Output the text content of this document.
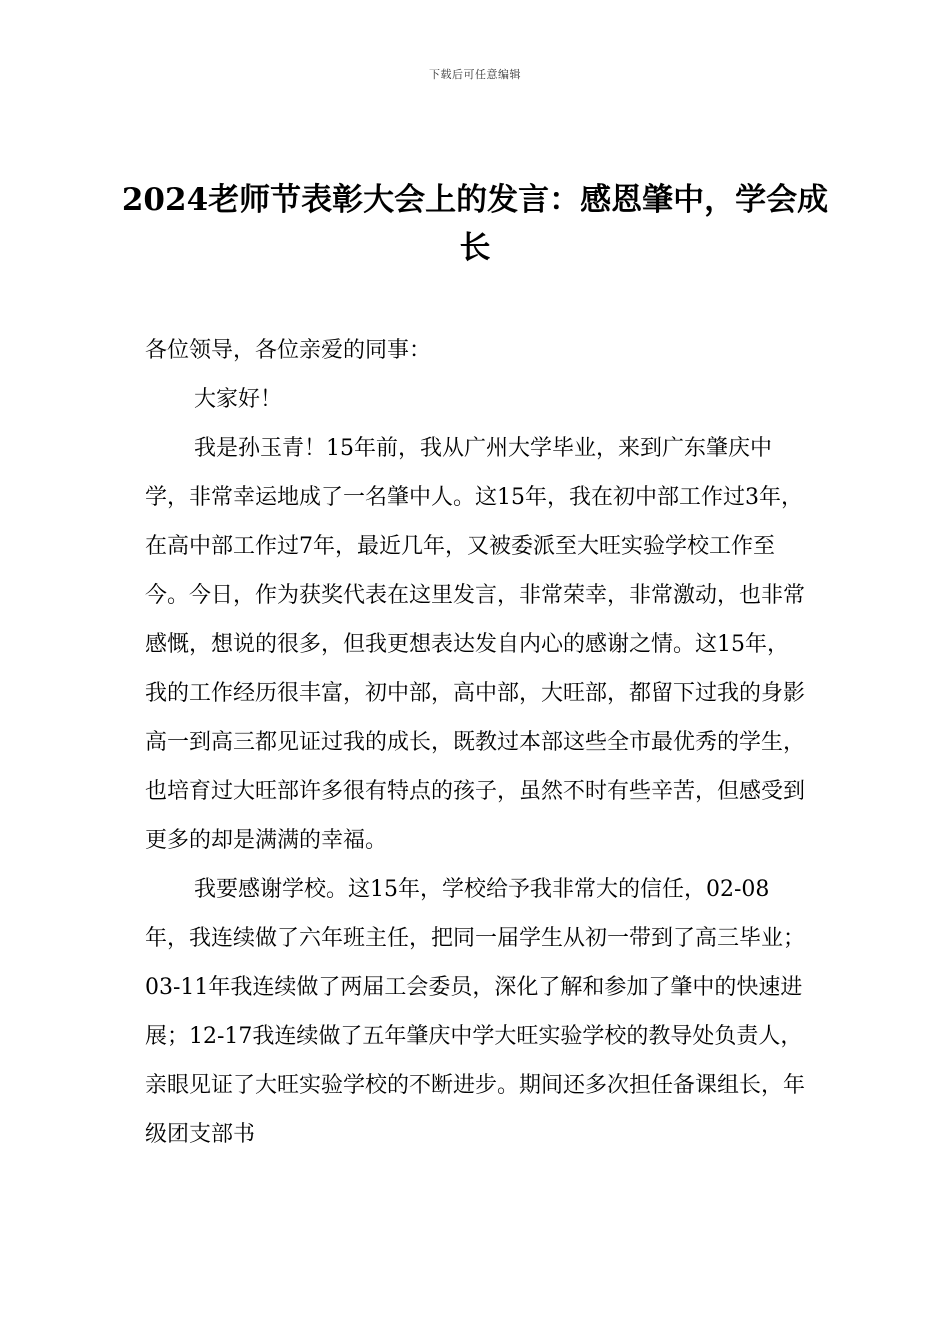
下载后可任意编辑
2024老师节表彰大会上的发言：感恩肇中，学会成长

各位领导，各位亲爱的同事：

大家好！

我是孙玉青！15年前，我从广州大学毕业，来到广东肇庆中学，非常幸运地成了一名肇中人。这15年，我在初中部工作过3年，在高中部工作过7年，最近几年，又被委派至大旺实验学校工作至今。今日，作为获奖代表在这里发言，非常荣幸，非常激动，也非常感慨，想说的很多，但我更想表达发自内心的感谢之情。这15年，我的工作经历很丰富，初中部，高中部，大旺部，都留下过我的身影高一到高三都见证过我的成长，既教过本部这些全市最优秀的学生，也培育过大旺部许多很有特点的孩子，虽然不时有些辛苦，但感受到更多的却是满满的幸福。

我要感谢学校。这15年，学校给予我非常大的信任，02-08年，我连续做了六年班主任，把同一届学生从初一带到了高三毕业；03-11年我连续做了两届工会委员，深化了解和参加了肇中的快速进展；12-17我连续做了五年肇庆中学大旺实验学校的教导处负责人，亲眼见证了大旺实验学校的不断进步。期间还多次担任备课组长，年级团支部书
